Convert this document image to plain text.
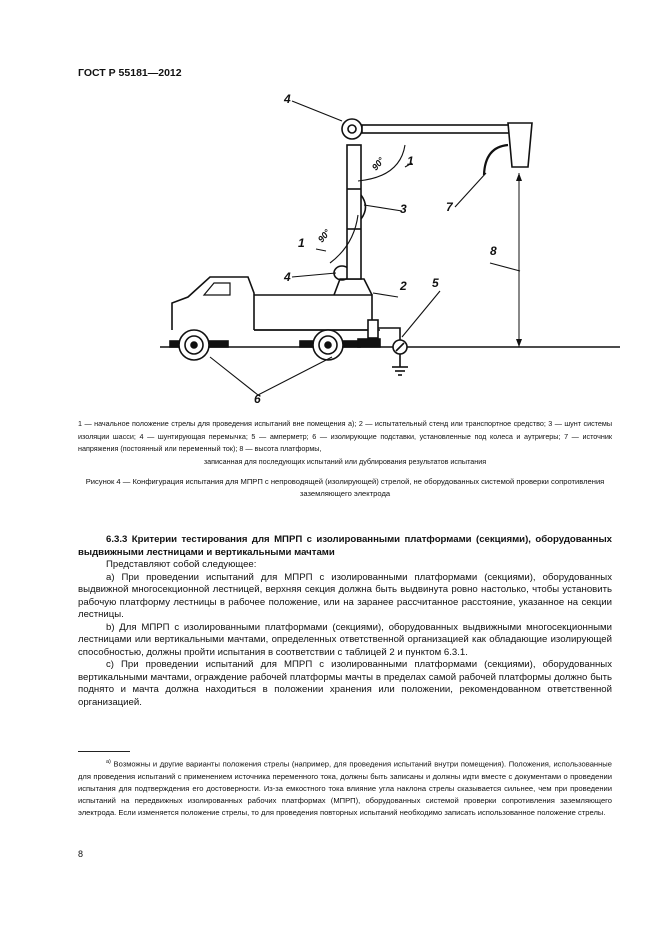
ГОСТ Р 55181—2012
4
4
3
1
1
2 5
6
7
8
90°
90°
1 — начальное положение стрелы для проведения испытаний вне помещения а); 2 — испытательный стенд или транспортное средство; 3 — шунт системы изоляции шасси; 4 — шунтирующая перемычка; 5 — амперметр; 6 — изолирующие подставки, установленные под колеса и аутригеры; 7 — источник напряжения (постоянный или переменный ток); 8 — высота платформы,
записанная для последующих испытаний или дублирования результатов испытания
Рисунок 4 — Конфигурация испытания для МПРП с непроводящей (изолирующей) стрелой, не оборудованных системой проверки сопротивления заземляющего электрода

6.3.3 Критерии тестирования для МПРП с изолированными платформами (секциями), оборудованных выдвижными лестницами и вертикальными мачтами

Представляют собой следующее:

a) При проведении испытаний для МПРП с изолированными платформами (секциями), оборудованных выдвижной многосекционной лестницей, верхняя секция должна быть выдвинута ровно настолько, чтобы установить рабочую платформу лестницы в рабочее положение, или на заранее рассчитанное расстояние, указанное на секции лестницы.

b) Для МПРП с изолированными платформами (секциями), оборудованных выдвижными многосекционными лестницами или вертикальными мачтами, определенных ответственной организацией как обладающие изолирующей способностью, должны пройти испытания в соответствии с таблицей 2 и пунктом 6.3.1.

c) При проведении испытаний для МПРП с изолированными платформами (секциями), оборудованных вертикальными мачтами, ограждение рабочей платформы мачты в пределах самой рабочей платформы должно быть поднято и мачта должна находиться в положении хранения или положении, рекомендованном ответственной организацией.

$^{а)}$ Возможны и другие варианты положения стрелы (например, для проведения испытаний внутри помещения). Положения, использованные для проведения испытаний с применением источника переменного тока, должны быть записаны и должны идти вместе с документами о проведении испытания для подтверждения его достоверности. Из-за емкостного тока влияние угла наклона стрелы сказывается сильнее, чем при проведении испытаний на передвижных изолированных рабочих платформах (МПРП), оборудованных системой проверки сопротивления заземляющего электрода. Если изменяется положение стрелы, то для проведения повторных испытаний необходимо записать использованное положение стрелы.
8
